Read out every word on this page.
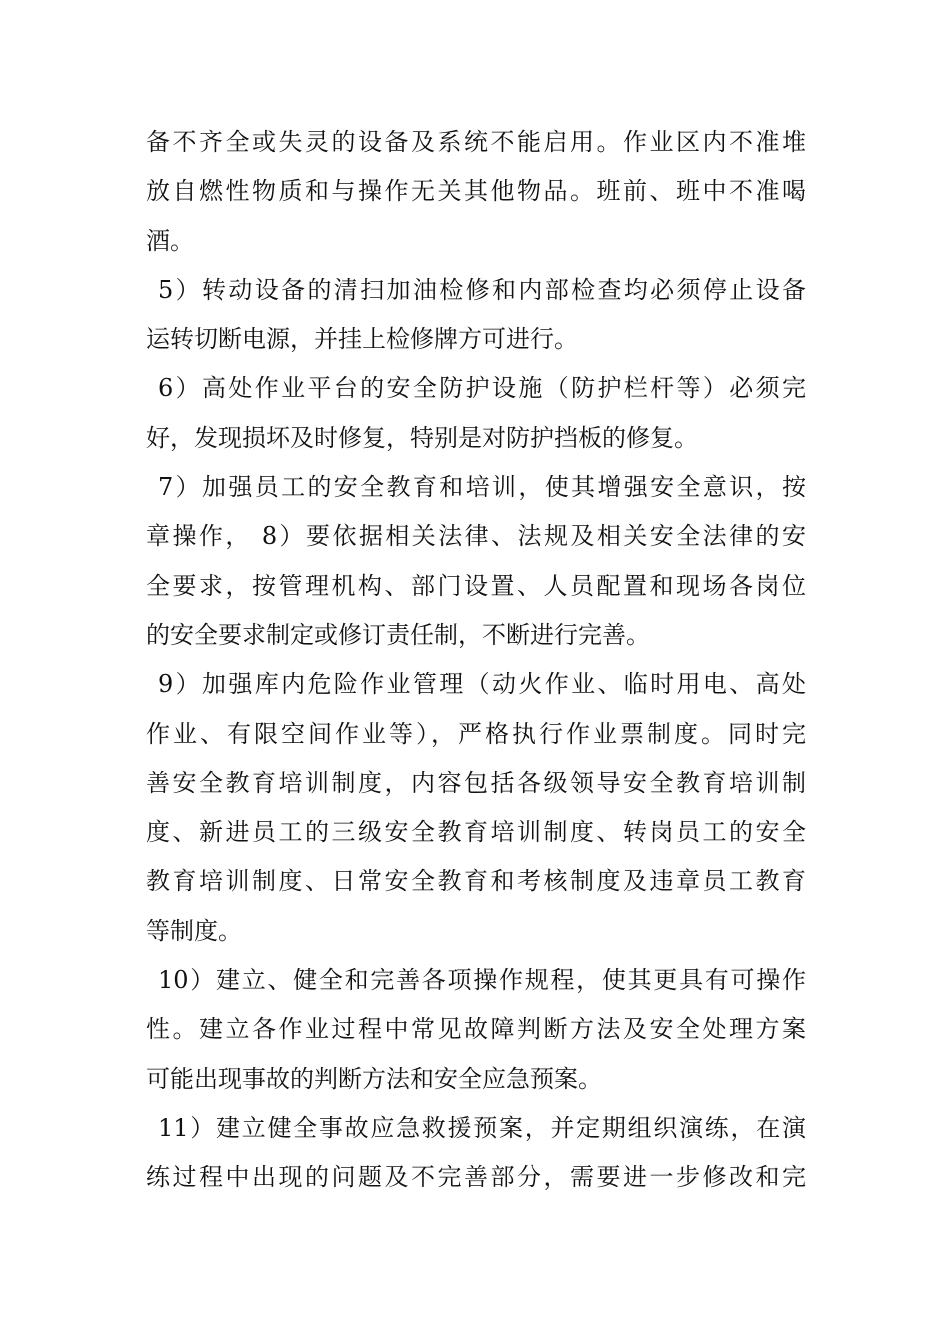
备不齐全或失灵的设备及系统不能启用。作业区内不准堆
放自燃性物质和与操作无关其他物品。班前、班中不准喝
酒。
5）转动设备的清扫加油检修和内部检查均必须停止设备
运转切断电源，并挂上检修牌方可进行。
6）高处作业平台的安全防护设施（防护栏杆等）必须完
好，发现损坏及时修复，特别是对防护挡板的修复。
7）加强员工的安全教育和培训，使其增强安全意识，按
章操作， 8）要依据相关法律、法规及相关安全法律的安
全要求，按管理机构、部门设置、人员配置和现场各岗位
的安全要求制定或修订责任制，不断进行完善。
9）加强库内危险作业管理（动火作业、临时用电、高处
作业、有限空间作业等），严格执行作业票制度。同时完
善安全教育培训制度，内容包括各级领导安全教育培训制
度、新进员工的三级安全教育培训制度、转岗员工的安全
教育培训制度、日常安全教育和考核制度及违章员工教育
等制度。
10）建立、健全和完善各项操作规程，使其更具有可操作
性。建立各作业过程中常见故障判断方法及安全处理方案
可能出现事故的判断方法和安全应急预案。
11）建立健全事故应急救援预案，并定期组织演练，在演
练过程中出现的问题及不完善部分，需要进一步修改和完
